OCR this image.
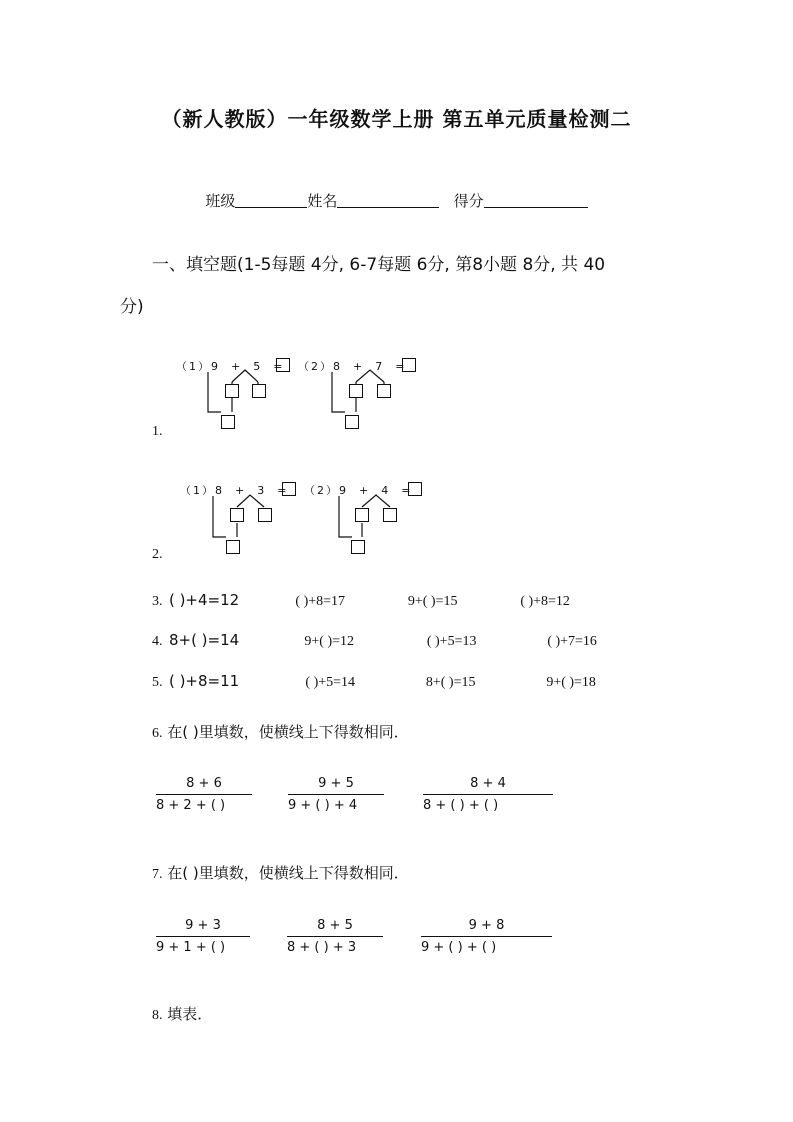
（新人教版）一年级数学上册 第五单元质量检测二
班级	姓名	得分
一、填空题(1-5每题 4分, 6-7每题 6分, 第8小题 8分, 共 40
分)
（1）9 + 5 = （2）8 + 7 =
1.
（1）8 + 3 = （2）9 + 4 =
2.
3. ( )+4=12	( )+8=17	9+( )=15	( )+8=12
4. 8+( )=14	9+( )=12	( )+5=13	( )+7=16
5. ( )+8=11	( )+5=14	8+( )=15	9+( )=18
6. 在( )里填数，使横线上下得数相同．
8 + 6
8 + 2 + ( )
9 + 5
9 + ( ) + 4
8 + 4
8 + ( ) + ( )
7. 在( )里填数，使横线上下得数相同．
9 + 3
9 + 1 + ( )
8 + 5
8 + ( ) + 3
9 + 8
9 + ( ) + ( )
8. 填表．
